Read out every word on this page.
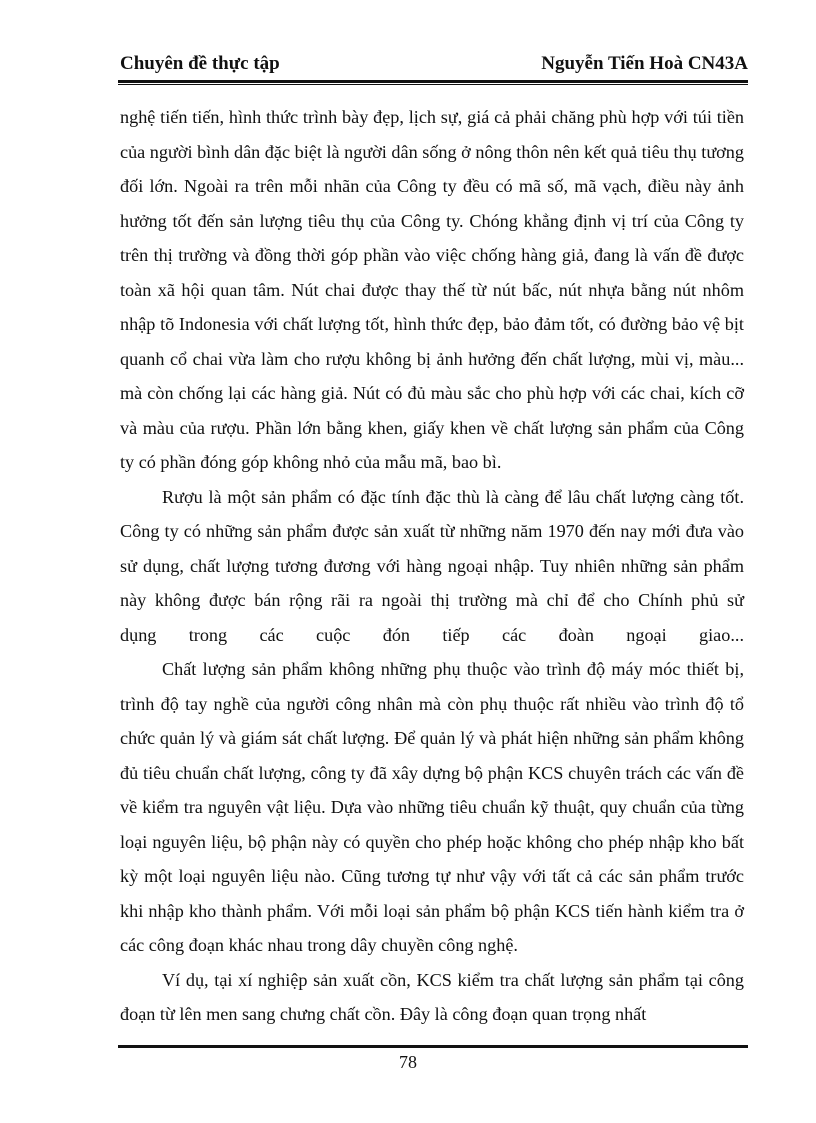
Chuyên đề thực tập	Nguyễn Tiến Hoà CN43A

nghệ tiến tiến, hình thức trình bày đẹp, lịch sự, giá cả phải chăng phù hợp với túi tiền của người bình dân đặc biệt là người dân sống ở nông thôn nên kết quả tiêu thụ tương đối lớn. Ngoài ra trên mỗi nhãn của Công ty đều có mã số, mã vạch, điều này ảnh hưởng tốt đến sản lượng tiêu thụ của Công ty. Chóng khẳng định vị trí của Công ty trên thị trường và đồng thời góp phần vào việc chống hàng giả, đang là vấn đề được toàn xã hội quan tâm. Nút chai được thay thế từ nút bấc, nút nhựa bằng nút nhôm nhập tõ Indonesia với chất lượng tốt, hình thức đẹp, bảo đảm tốt, có đường bảo vệ bịt quanh cổ chai vừa làm cho rượu không bị ảnh hưởng đến chất lượng, mùi vị, màu... mà còn chống lại các hàng giả. Nút có đủ màu sắc cho phù hợp với các chai, kích cỡ và màu của rượu. Phần lớn bằng khen, giấy khen về chất lượng sản phẩm của Công ty có phần đóng góp không nhỏ của mẫu mã, bao bì.

Rượu là một sản phẩm có đặc tính đặc thù là càng để lâu chất lượng càng tốt. Công ty có những sản phẩm được sản xuất từ những năm 1970 đến nay mới đưa vào sử dụng, chất lượng tương đương với hàng ngoại nhập. Tuy nhiên những sản phẩm này không được bán rộng rãi ra ngoài thị trường mà chỉ để cho Chính phủ sử

dụng trong các cuộc đón tiếp các đoàn ngoại giao...

Chất lượng sản phẩm không những phụ thuộc vào trình độ máy móc thiết bị, trình độ tay nghề của người công nhân mà còn phụ thuộc rất nhiều vào trình độ tổ chức quản lý và giám sát chất lượng. Để quản lý và phát hiện những sản phẩm không đủ tiêu chuẩn chất lượng, công ty đã xây dựng bộ phận KCS chuyên trách các vấn đề về kiểm tra nguyên vật liệu. Dựa vào những tiêu chuẩn kỹ thuật, quy chuẩn của từng loại nguyên liệu, bộ phận này có quyền cho phép hoặc không cho phép nhập kho bất kỳ một loại nguyên liệu nào. Cũng tương tự như vậy với tất cả các sản phẩm trước khi nhập kho thành phẩm. Với mỗi loại sản phẩm bộ phận KCS tiến hành kiểm tra ở các công đoạn khác nhau trong dây chuyền công nghệ.

Ví dụ, tại xí nghiệp sản xuất cồn, KCS kiểm tra chất lượng sản phẩm tại công đoạn từ lên men sang chưng chất cồn. Đây là công đoạn quan trọng nhất

78
